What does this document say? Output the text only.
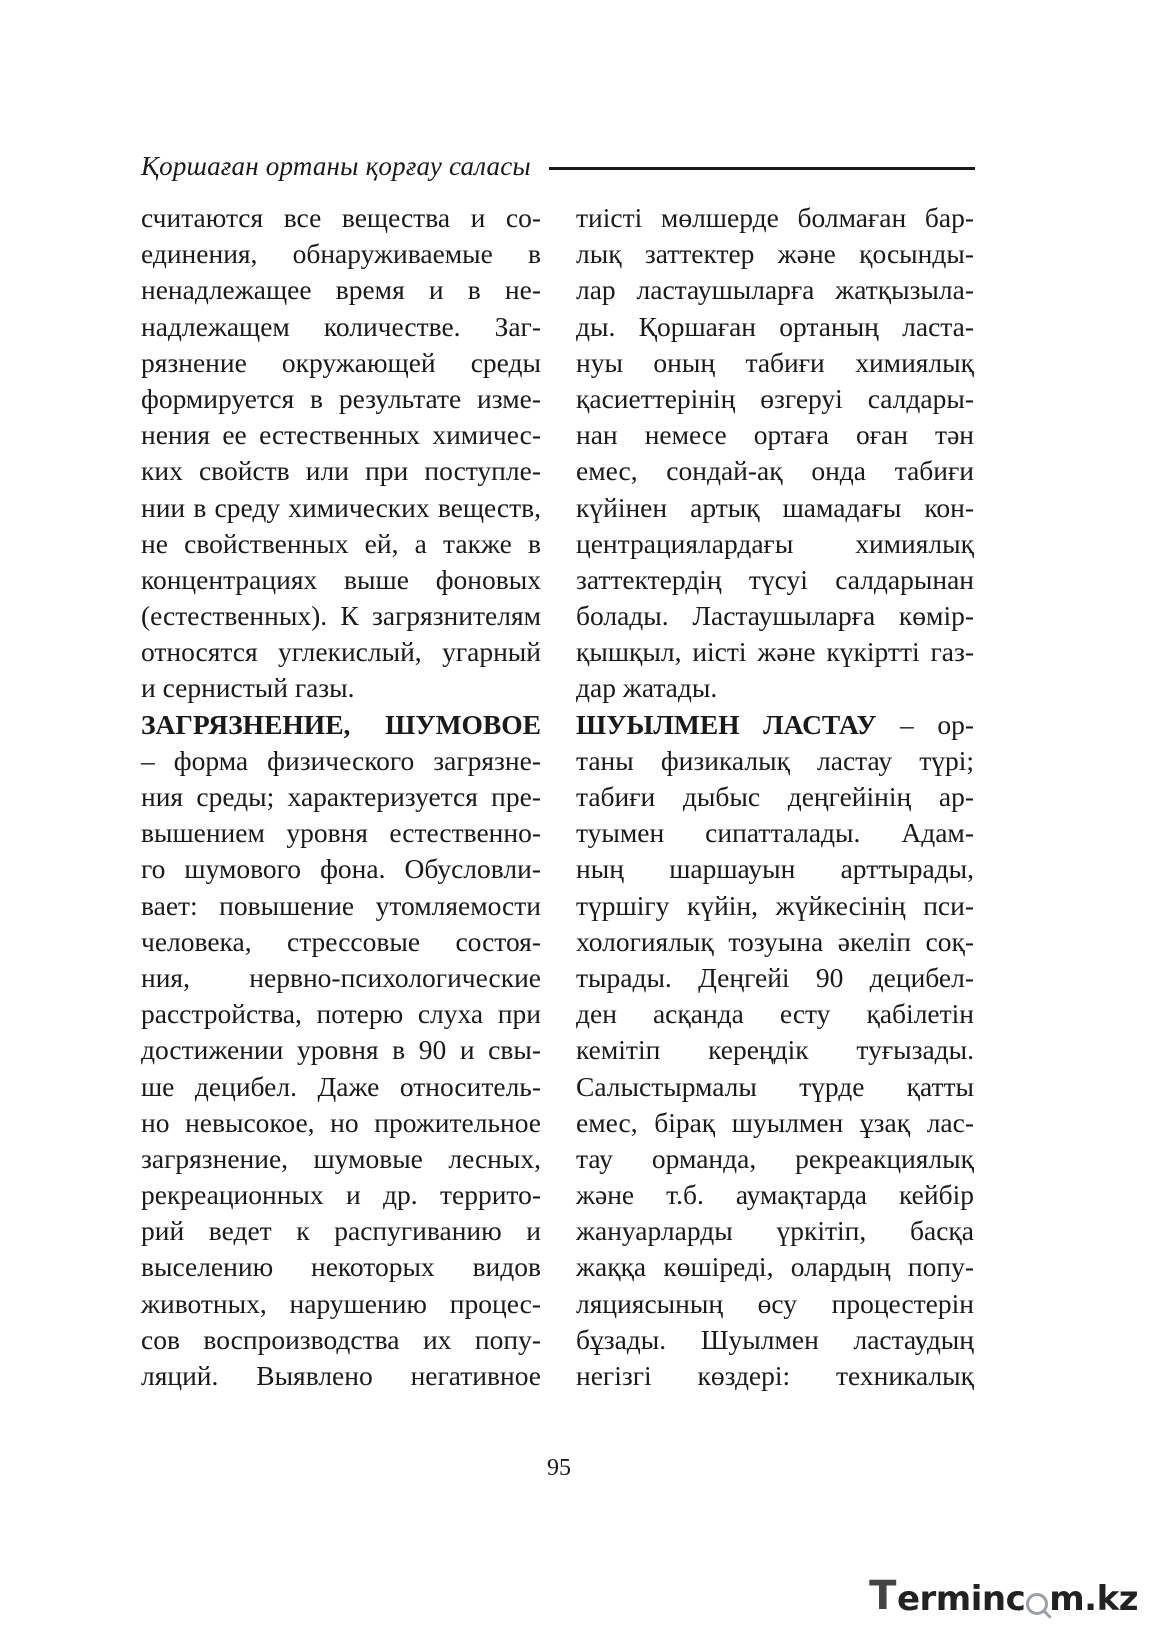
Қоршаған ортаны қорғау саласы
считаются все вещества и со-
единения, обнаруживаемые в
ненадлежащее время и в не-
надлежащем количестве. Заг-
рязнение окружающей среды
формируется в результате изме-
нения ее естественных химичес-
ких свойств или при поступле-
нии в среду химических веществ,
не свойственных ей, а также в
концентрациях выше фоновых
(естественных). К загрязнителям
относятся углекислый, угарный
и сернистый газы.
ЗАГРЯЗНЕНИЕ, ШУМОВОЕ
– форма физического загрязне-
ния среды; характеризуется пре-
вышением уровня естественно-
го шумового фона. Обусловли-
вает: повышение утомляемости
человека, стрессовые состоя-
ния, нервно-психологические
расстройства, потерю слуха при
достижении уровня в 90 и свы-
ше децибел. Даже относитель-
но невысокое, но прожительное
загрязнение, шумовые лесных,
рекреационных и др. террито-
рий ведет к распугиванию и
выселению некоторых видов
животных, нарушению процес-
сов воспроизводства их попу-
ляций. Выявлено негативное
тиісті мөлшерде болмаған бар-
лық заттектер және қосынды-
лар ластаушыларға жатқызыла-
ды. Қоршаған ортаның ласта-
нуы оның табиғи химиялық
қасиеттерінің өзгеруі салдары-
нан немесе ортаға оған тән
емес, сондай-ақ онда табиғи
күйінен артық шамадағы кон-
центрациялардағы химиялық
заттектердің түсуі салдарынан
болады. Ластаушыларға көмір-
қышқыл, иісті және күкіртті газ-
дар жатады.
ШУЫЛМЕН ЛАСТАУ – ор-
таны физикалық ластау түрі;
табиғи дыбыс деңгейінің ар-
туымен сипатталады. Адам-
ның шаршауын арттырады,
түршігу күйін, жүйкесінің пси-
хологиялық тозуына әкеліп соқ-
тырады. Деңгейі 90 децибел-
ден асқанда есту қабілетін
кемітіп кереңдік туғызады.
Салыстырмалы түрде қатты
емес, бірақ шуылмен ұзақ лас-
тау орманда, рекреакциялық
және т.б. аумақтарда кейбір
жануарларды үркітіп, басқа
жаққа көшіреді, олардың попу-
ляциясының өсу процестерін
бұзады. Шуылмен ластаудың
негізгі көздері: техникалық
95
T erminc m.kz
